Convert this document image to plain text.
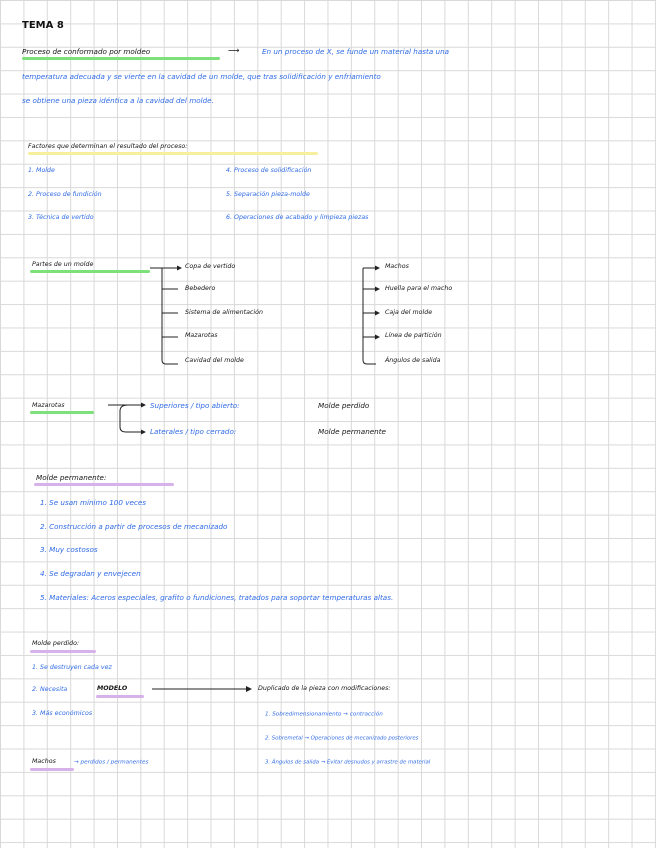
TEMA 8
Proceso de conformado por moldeo	⟶	En un proceso de X, se funde un material hasta una
temperatura adecuada y se vierte en la cavidad de un molde, que tras solidificación y enfriamiento
se obtiene una pieza idéntica a la cavidad del molde.
Factores que determinan el resultado del proceso:
1. Molde
2. Proceso de fundición
3. Técnica de vertido
4. Proceso de solidificación
5. Separación pieza-molde
6. Operaciones de acabado y limpieza piezas
Partes de un molde	Copa de vertido
Bebedero
Sistema de alimentación
Mazarotas
Cavidad del molde
Machos
Huella para el macho
Caja del molde
Línea de partición
Ángulos de salida
Mazarotas	Superiores / tipo abierto:	Molde perdido
Laterales / tipo cerrado:	Molde permanente
Molde permanente:
1. Se usan mínimo 100 veces
2. Construcción a partir de procesos de mecanizado
3. Muy costosos
4. Se degradan y envejecen
5. Materiales: Aceros especiales, grafito o fundiciones, tratados para soportar temperaturas altas.
Molde perdido:
1. Se destruyen cada vez
2. Necesita	MODELO
3. Más económicos
Duplicado de la pieza con modificaciones:
1. Sobredimensionamiento → contracción
2. Sobremetal → Operaciones de mecanizado posteriores
3. Ángulos de salida → Evitar desnudos y arrastre de material
Machos	→ perdidos / permanentes
